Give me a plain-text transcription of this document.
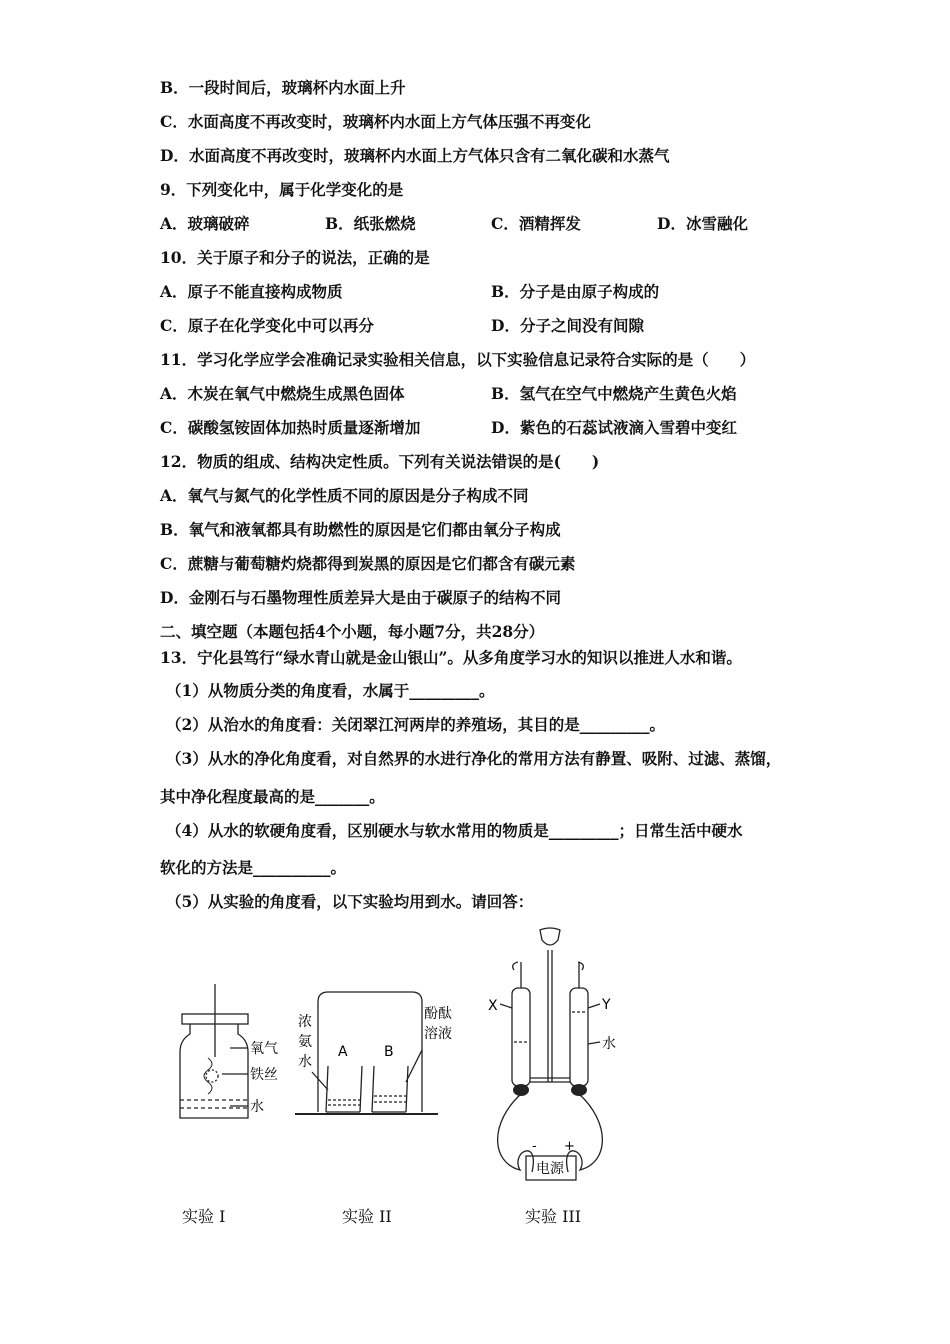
B．一段时间后，玻璃杯内水面上升
C．水面高度不再改变时，玻璃杯内水面上方气体压强不再变化
D．水面高度不再改变时，玻璃杯内水面上方气体只含有二氧化碳和水蒸气
9．下列变化中，属于化学变化的是
A．玻璃破碎	B．纸张燃烧	C．酒精挥发	D．冰雪融化
10．关于原子和分子的说法，正确的是
A．原子不能直接构成物质	B．分子是由原子构成的
C．原子在化学变化中可以再分	D．分子之间没有间隙
11．学习化学应学会准确记录实验相关信息，以下实验信息记录符合实际的是（　　）
A．木炭在氧气中燃烧生成黑色固体	B．氢气在空气中燃烧产生黄色火焰
C．碳酸氢铵固体加热时质量逐渐增加	D．紫色的石蕊试液滴入雪碧中变红
12．物质的组成、结构决定性质。下列有关说法错误的是(　　)
A．氧气与氮气的化学性质不同的原因是分子构成不同
B．氧气和液氧都具有助燃性的原因是它们都由氧分子构成
C．蔗糖与葡萄糖灼烧都得到炭黑的原因是它们都含有碳元素
D．金刚石与石墨物理性质差异大是由于碳原子的结构不同
二、填空题（本题包括4个小题，每小题7分，共28分）
13．宁化县笃行“绿水青山就是金山银山”。从多角度学习水的知识以推进人水和谐。
（1）从物质分类的角度看，水属于_________。
（2）从治水的角度看：关闭翠江河两岸的养殖场，其目的是_________。
（3）从水的净化角度看，对自然界的水进行净化的常用方法有静置、吸附、过滤、蒸馏，
其中净化程度最高的是_______。
（4）从水的软硬角度看，区别硬水与软水常用的物质是_________；日常生活中硬水
软化的方法是__________。
（5）从实验的角度看，以下实验均用到水。请回答：
氧气
铁丝
水
浓
氨
水
酚酞
溶液
A	B
X	Y
水
- +
电源
实验 I	实验 II	实验 III
